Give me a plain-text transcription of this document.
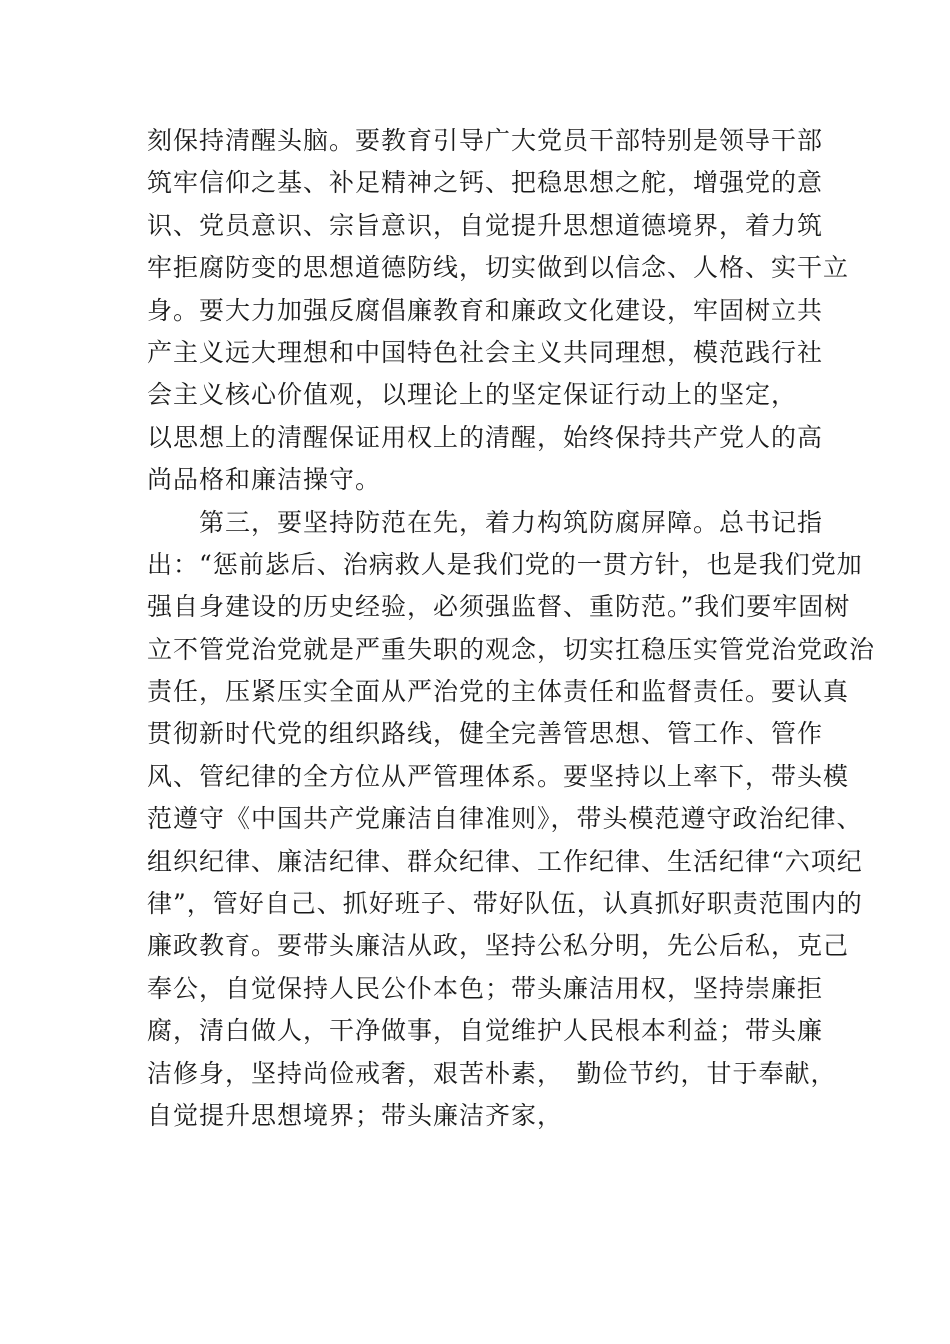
刻保持清醒头脑。要教育引导广大党员干部特别是领导干部
筑牢信仰之基、补足精神之钙、把稳思想之舵，增强党的意
识、党员意识、宗旨意识，自觉提升思想道德境界，着力筑
牢拒腐防变的思想道德防线，切实做到以信念、人格、实干立
身。要大力加强反腐倡廉教育和廉政文化建设，牢固树立共
产主义远大理想和中国特色社会主义共同理想，模范践行社
会主义核心价值观，以理论上的坚定保证行动上的坚定，
以思想上的清醒保证用权上的清醒，始终保持共产党人的高
尚品格和廉洁操守。
　　第三，要坚持防范在先，着力构筑防腐屏障。总书记指
出：“惩前毖后、治病救人是我们党的一贯方针，也是我们党加
强自身建设的历史经验，必须强监督、重防范。”我们要牢固树
立不管党治党就是严重失职的观念，切实扛稳压实管党治党政治
责任，压紧压实全面从严治党的主体责任和监督责任。要认真
贯彻新时代党的组织路线，健全完善管思想、管工作、管作
风、管纪律的全方位从严管理体系。要坚持以上率下，带头模
范遵守《中国共产党廉洁自律准则》，带头模范遵守政治纪律、
组织纪律、廉洁纪律、群众纪律、工作纪律、生活纪律“六项纪
律”，管好自己、抓好班子、带好队伍，认真抓好职责范围内的
廉政教育。要带头廉洁从政，坚持公私分明，先公后私，克己
奉公，自觉保持人民公仆本色；带头廉洁用权，坚持崇廉拒
腐，清白做人，干净做事，自觉维护人民根本利益；带头廉
洁修身，坚持尚俭戒奢，艰苦朴素，　勤俭节约，甘于奉献，
自觉提升思想境界；带头廉洁齐家，
